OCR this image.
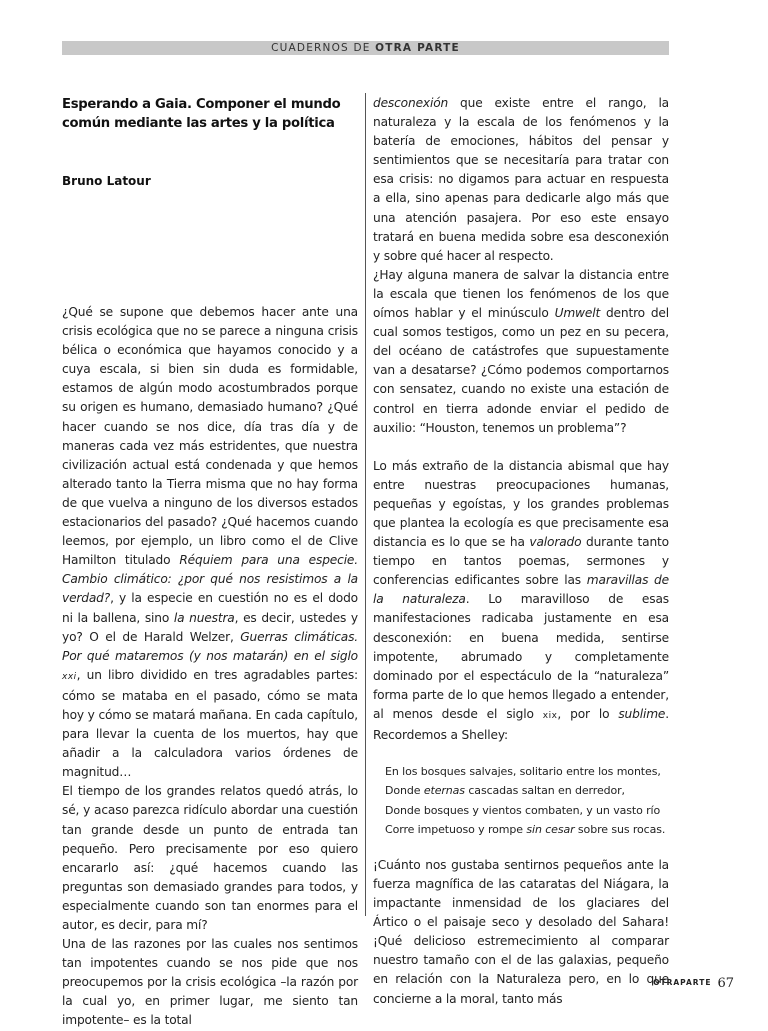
CUADERNOS DE OTRA PARTE
Esperando a Gaia. Componer el mundo común mediante las artes y la política
Bruno Latour

¿Qué se supone que debemos hacer ante una crisis ecológica que no se parece a ninguna crisis bélica o económica que hayamos conocido y a cuya escala, si bien sin duda es formidable, estamos de algún modo acostumbrados porque su origen es humano, demasiado humano? ¿Qué hacer cuando se nos dice, día tras día y de maneras cada vez más estridentes, que nuestra civilización actual está condenada y que hemos alterado tanto la Tierra misma que no hay forma de que vuelva a ninguno de los diversos estados estacionarios del pasado? ¿Qué hacemos cuando leemos, por ejemplo, un libro como el de Clive Hamilton titulado Réquiem para una especie. Cambio climático: ¿por qué nos resistimos a la verdad?, y la especie en cuestión no es el dodo ni la ballena, sino la nuestra, es decir, ustedes y yo? O el de Harald Welzer, Guerras climáticas. Por qué mataremos (y nos matarán) en el siglo xxi, un libro dividido en tres agradables partes: cómo se mataba en el pasado, cómo se mata hoy y cómo se matará mañana. En cada capítulo, para llevar la cuenta de los muertos, hay que añadir a la calculadora varios órdenes de magnitud…

El tiempo de los grandes relatos quedó atrás, lo sé, y acaso parezca ridículo abordar una cuestión tan grande desde un punto de entrada tan pequeño. Pero precisamente por eso quiero encararlo así: ¿qué hacemos cuando las preguntas son demasiado grandes para todos, y especialmente cuando son tan enormes para el autor, es decir, para mí?

Una de las razones por las cuales nos sentimos tan impotentes cuando se nos pide que nos preocupemos por la crisis ecológica –la razón por la cual yo, en primer lugar, me siento tan impotente– es la total

desconexión que existe entre el rango, la naturaleza y la escala de los fenómenos y la batería de emociones, hábitos del pensar y sentimientos que se necesitaría para tratar con esa crisis: no digamos para actuar en respuesta a ella, sino apenas para dedicarle algo más que una atención pasajera. Por eso este ensayo tratará en buena medida sobre esa desconexión y sobre qué hacer al respecto.

¿Hay alguna manera de salvar la distancia entre la escala que tienen los fenómenos de los que oímos hablar y el minúsculo Umwelt dentro del cual somos testigos, como un pez en su pecera, del océano de catástrofes que supuestamente van a desatarse? ¿Cómo podemos comportarnos con sensatez, cuando no existe una estación de control en tierra adonde enviar el pedido de auxilio: “Houston, tenemos un problema”?

Lo más extraño de la distancia abismal que hay entre nuestras preocupaciones humanas, pequeñas y egoístas, y los grandes problemas que plantea la ecología es que precisamente esa distancia es lo que se ha valorado durante tanto tiempo en tantos poemas, sermones y conferencias edificantes sobre las maravillas de la naturaleza. Lo maravilloso de esas manifestaciones radicaba justamente en esa desconexión: en buena medida, sentirse impotente, abrumado y completamente dominado por el espectáculo de la “naturaleza” forma parte de lo que hemos llegado a entender, al menos desde el siglo xix, por lo sublime. Recordemos a Shelley:

En los bosques salvajes, solitario entre los montes,
Donde eternas cascadas saltan en derredor,
Donde bosques y vientos combaten, y un vasto río
Corre impetuoso y rompe sin cesar sobre sus rocas.

¡Cuánto nos gustaba sentirnos pequeños ante la fuerza magnífica de las cataratas del Niágara, la impactante inmensidad de los glaciares del Ártico o el paisaje seco y desolado del Sahara! ¡Qué delicioso estremecimiento al comparar nuestro tamaño con el de las galaxias, pequeño en relación con la Naturaleza pero, en lo que concierne a la moral, tanto más

OTRAPARTE 67
